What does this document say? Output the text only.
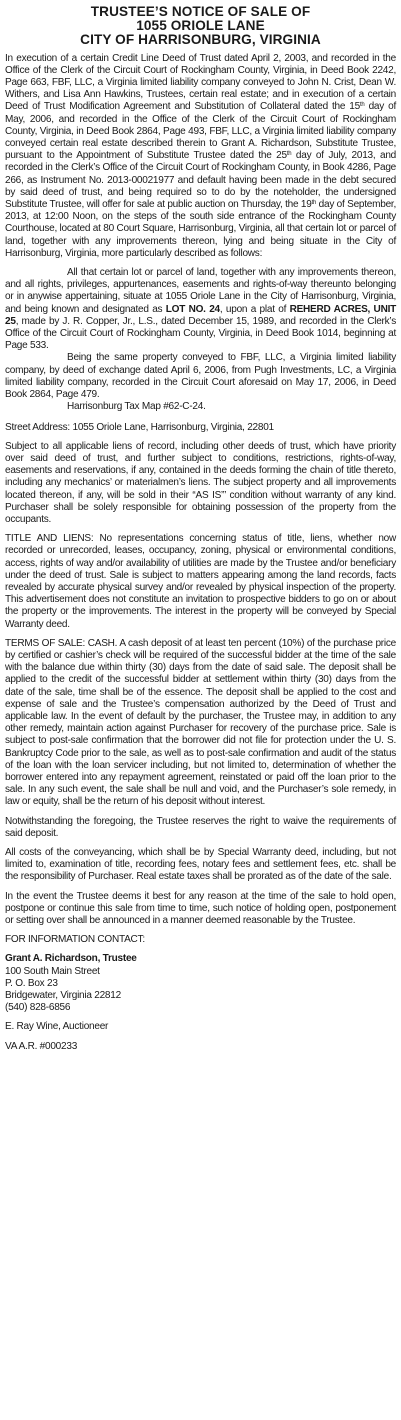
TRUSTEE’S NOTICE OF SALE OF
1055 ORIOLE LANE
CITY OF HARRISONBURG, VIRGINIA

In execution of a certain Credit Line Deed of Trust dated April 2, 2003, and recorded in the Office of the Clerk of the Circuit Court of Rockingham County, Virginia, in Deed Book 2242, Page 663, FBF, LLC, a Virginia limited liability company conveyed to John N. Crist, Dean W. Withers, and Lisa Ann Hawkins, Trustees, certain real estate; and in execution of a certain Deed of Trust Modification Agreement and Substitution of Collateral dated the 15th day of May, 2006, and recorded in the Office of the Clerk of the Circuit Court of Rockingham County, Virginia, in Deed Book 2864, Page 493, FBF, LLC, a Virginia limited liability company conveyed certain real estate described therein to Grant A. Richardson, Substitute Trustee, pursuant to the Appointment of Substitute Trustee dated the 25th day of July, 2013, and recorded in the Clerk’s Office of the Circuit Court of Rockingham County, in Book 4286, Page 266, as Instrument No. 2013-00021977 and default having been made in the debt secured by said deed of trust, and being required so to do by the noteholder, the undersigned Substitute Trustee, will offer for sale at public auction on Thursday, the 19th day of September, 2013, at 12:00 Noon, on the steps of the south side entrance of the Rockingham County Courthouse, located at 80 Court Square, Harrisonburg, Virginia, all that certain lot or parcel of land, together with any improvements thereon, lying and being situate in the City of Harrisonburg, Virginia, more particularly described as follows:

All that certain lot or parcel of land, together with any improvements thereon, and all rights, privileges, appurtenances, easements and rights-of-way thereunto belonging or in anywise appertaining, situate at 1055 Oriole Lane in the City of Harrisonburg, Virginia, and being known and designated as LOT NO. 24, upon a plat of REHERD ACRES, UNIT 25, made by J. R. Copper, Jr., L.S., dated December 15, 1989, and recorded in the Clerk’s Office of the Circuit Court of Rockingham County, Virginia, in Deed Book 1014, beginning at Page 533.

Being the same property conveyed to FBF, LLC, a Virginia limited liability company, by deed of exchange dated April 6, 2006, from Pugh Investments, LC, a Virginia limited liability company, recorded in the Circuit Court aforesaid on May 17, 2006, in Deed Book 2864, Page 479.

Harrisonburg Tax Map #62-C-24.

Street Address: 1055 Oriole Lane, Harrisonburg, Virginia, 22801

Subject to all applicable liens of record, including other deeds of trust, which have priority over said deed of trust, and further subject to conditions, restrictions, rights-of-way, easements and reservations, if any, contained in the deeds forming the chain of title thereto, including any mechanics’ or materialmen’s liens. The subject property and all improvements located thereon, if any, will be sold in their “AS IS”’ condition without warranty of any kind. Purchaser shall be solely responsible for obtaining possession of the property from the occupants.

TITLE AND LIENS: No representations concerning status of title, liens, whether now recorded or unrecorded, leases, occupancy, zoning, physical or environmental conditions, access, rights of way and/or availability of utilities are made by the Trustee and/or beneficiary under the deed of trust. Sale is subject to matters appearing among the land records, facts revealed by accurate physical survey and/or revealed by physical inspection of the property. This advertisement does not constitute an invitation to prospective bidders to go on or about the property or the improvements. The interest in the property will be conveyed by Special Warranty deed.

TERMS OF SALE: CASH. A cash deposit of at least ten percent (10%) of the purchase price by certified or cashier’s check will be required of the successful bidder at the time of the sale with the balance due within thirty (30) days from the date of said sale. The deposit shall be applied to the credit of the successful bidder at settlement within thirty (30) days from the date of the sale, time shall be of the essence. The deposit shall be applied to the cost and expense of sale and the Trustee’s compensation authorized by the Deed of Trust and applicable law. In the event of default by the purchaser, the Trustee may, in addition to any other remedy, maintain action against Purchaser for recovery of the purchase price. Sale is subject to post-sale confirmation that the borrower did not file for protection under the U. S. Bankruptcy Code prior to the sale, as well as to post-sale confirmation and audit of the status of the loan with the loan servicer including, but not limited to, determination of whether the borrower entered into any repayment agreement, reinstated or paid off the loan prior to the sale. In any such event, the sale shall be null and void, and the Purchaser’s sole remedy, in law or equity, shall be the return of his deposit without interest.

Notwithstanding the foregoing, the Trustee reserves the right to waive the requirements of said deposit.

All costs of the conveyancing, which shall be by Special Warranty deed, including, but not limited to, examination of title, recording fees, notary fees and settlement fees, etc. shall be the responsibility of Purchaser. Real estate taxes shall be prorated as of the date of the sale.

In the event the Trustee deems it best for any reason at the time of the sale to hold open, postpone or continue this sale from time to time, such notice of holding open, postponement or setting over shall be announced in a manner deemed reasonable by the Trustee.

FOR INFORMATION CONTACT:

Grant A. Richardson, Trustee

100 South Main Street

P. O. Box 23

Bridgewater, Virginia 22812

(540) 828-6856

E. Ray Wine, Auctioneer

VA A.R. #000233
